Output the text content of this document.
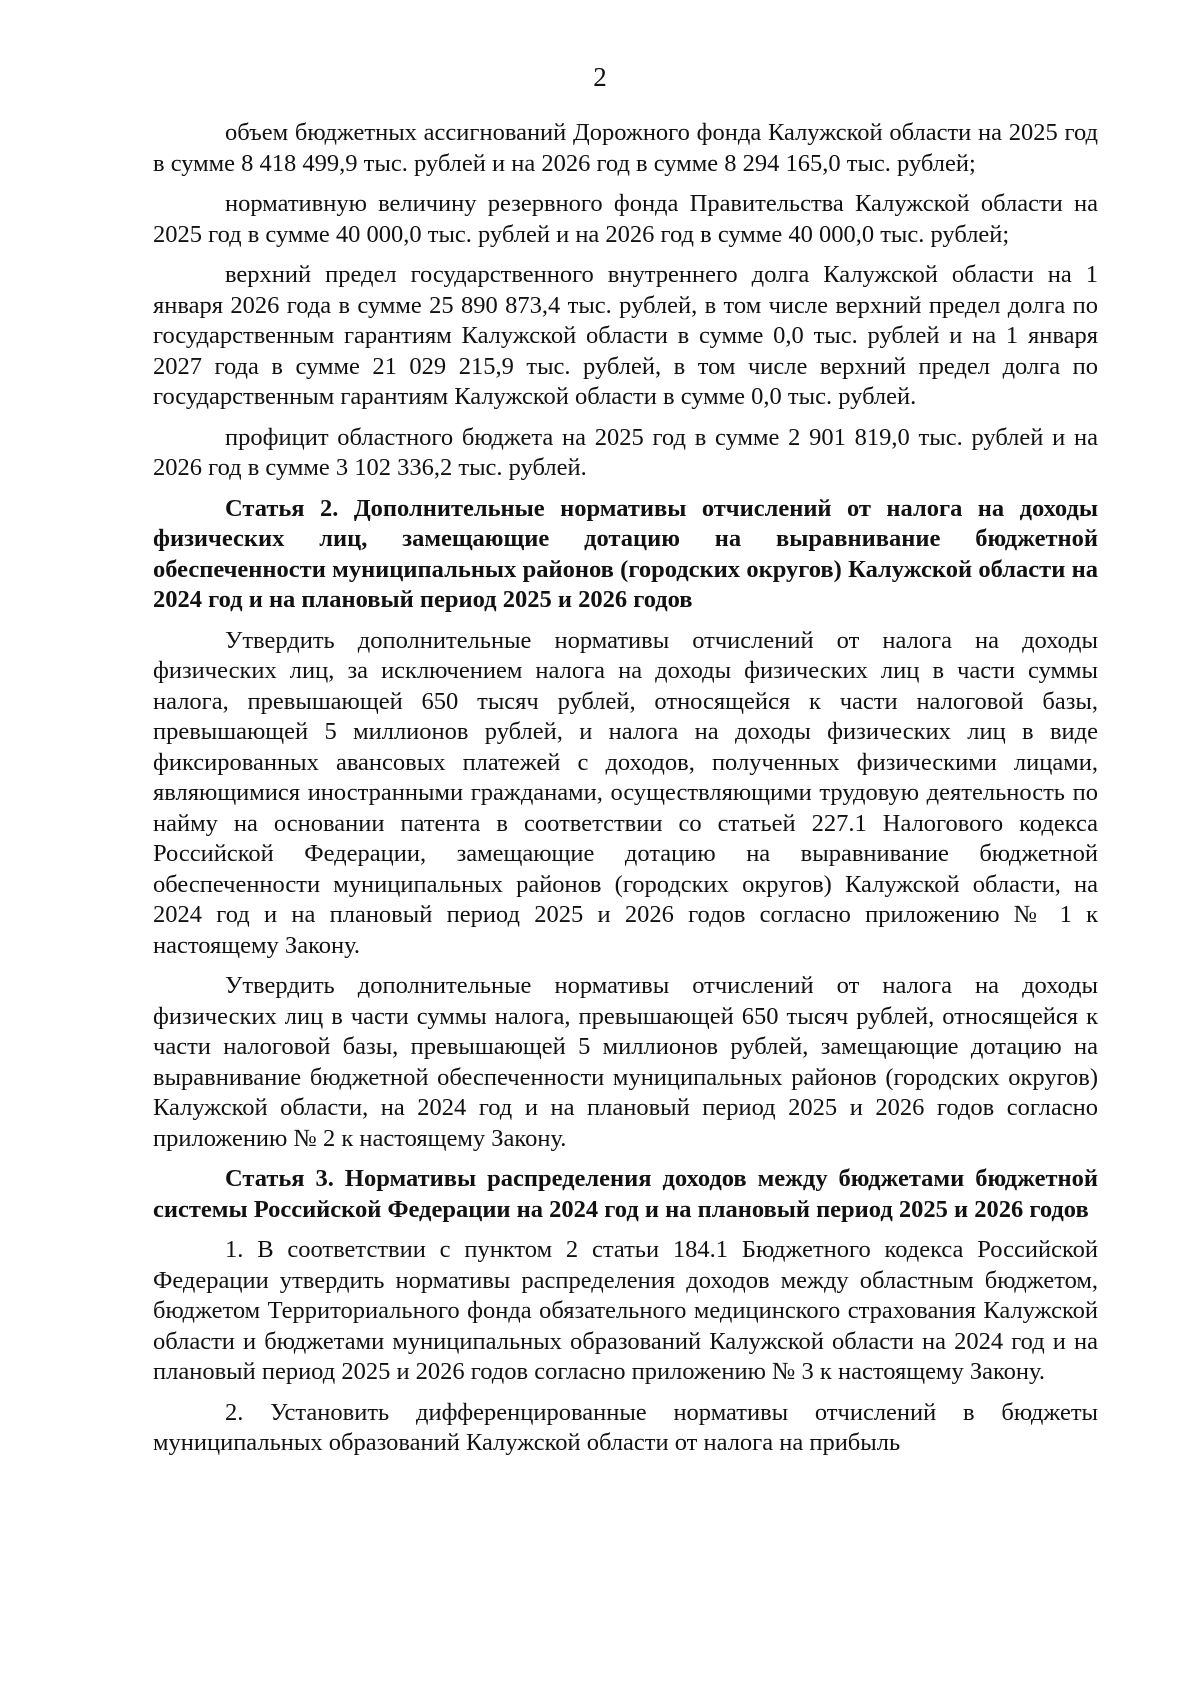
2

объем бюджетных ассигнований Дорожного фонда Калужской области на 2025 год в сумме 8 418 499,9 тыс. рублей и на 2026 год в сумме 8 294 165,0 тыс. рублей;

нормативную величину резервного фонда Правительства Калужской области на 2025 год в сумме 40 000,0 тыс. рублей и на 2026 год в сумме 40 000,0 тыс. рублей;

верхний предел государственного внутреннего долга Калужской области на 1 января 2026 года в сумме 25 890 873,4 тыс. рублей, в том числе верхний предел долга по государственным гарантиям Калужской области в сумме 0,0 тыс. рублей и на 1 января 2027 года в сумме 21 029 215,9 тыс. рублей, в том числе верхний предел долга по государственным гарантиям Калужской области в сумме 0,0 тыс. рублей.

профицит областного бюджета на 2025 год в сумме 2 901 819,0 тыс. рублей и на 2026 год в сумме 3 102 336,2 тыс. рублей.

Статья 2. Дополнительные нормативы отчислений от налога на доходы физических лиц, замещающие дотацию на выравнивание бюджетной обеспеченности муниципальных районов (городских округов) Калужской области на 2024 год и на плановый период 2025 и 2026 годов

Утвердить дополнительные нормативы отчислений от налога на доходы физических лиц, за исключением налога на доходы физических лиц в части суммы налога, превышающей 650 тысяч рублей, относящейся к части налоговой базы, превышающей 5 миллионов рублей, и налога на доходы физических лиц в виде фиксированных авансовых платежей с доходов, полученных физическими лицами, являющимися иностранными гражданами, осуществляющими трудовую деятельность по найму на основании патента в соответствии со статьей 227.1 Налогового кодекса Российской Федерации, замещающие дотацию на выравнивание бюджетной обеспеченности муниципальных районов (городских округов) Калужской области, на 2024 год и на плановый период 2025 и 2026 годов согласно приложению № 1 к настоящему Закону.

Утвердить дополнительные нормативы отчислений от налога на доходы физических лиц в части суммы налога, превышающей 650 тысяч рублей, относящейся к части налоговой базы, превышающей 5 миллионов рублей, замещающие дотацию на выравнивание бюджетной обеспеченности муниципальных районов (городских округов) Калужской области, на 2024 год и на плановый период 2025 и 2026 годов согласно приложению № 2 к настоящему Закону.

Статья 3. Нормативы распределения доходов между бюджетами бюджетной системы Российской Федерации на 2024 год и на плановый период 2025 и 2026 годов

1. В соответствии с пунктом 2 статьи 184.1 Бюджетного кодекса Российской Федерации утвердить нормативы распределения доходов между областным бюджетом, бюджетом Территориального фонда обязательного медицинского страхования Калужской области и бюджетами муниципальных образований Калужской области на 2024 год и на плановый период 2025 и 2026 годов согласно приложению № 3 к настоящему Закону.

2. Установить дифференцированные нормативы отчислений в бюджеты муниципальных образований Калужской области от налога на прибыль
